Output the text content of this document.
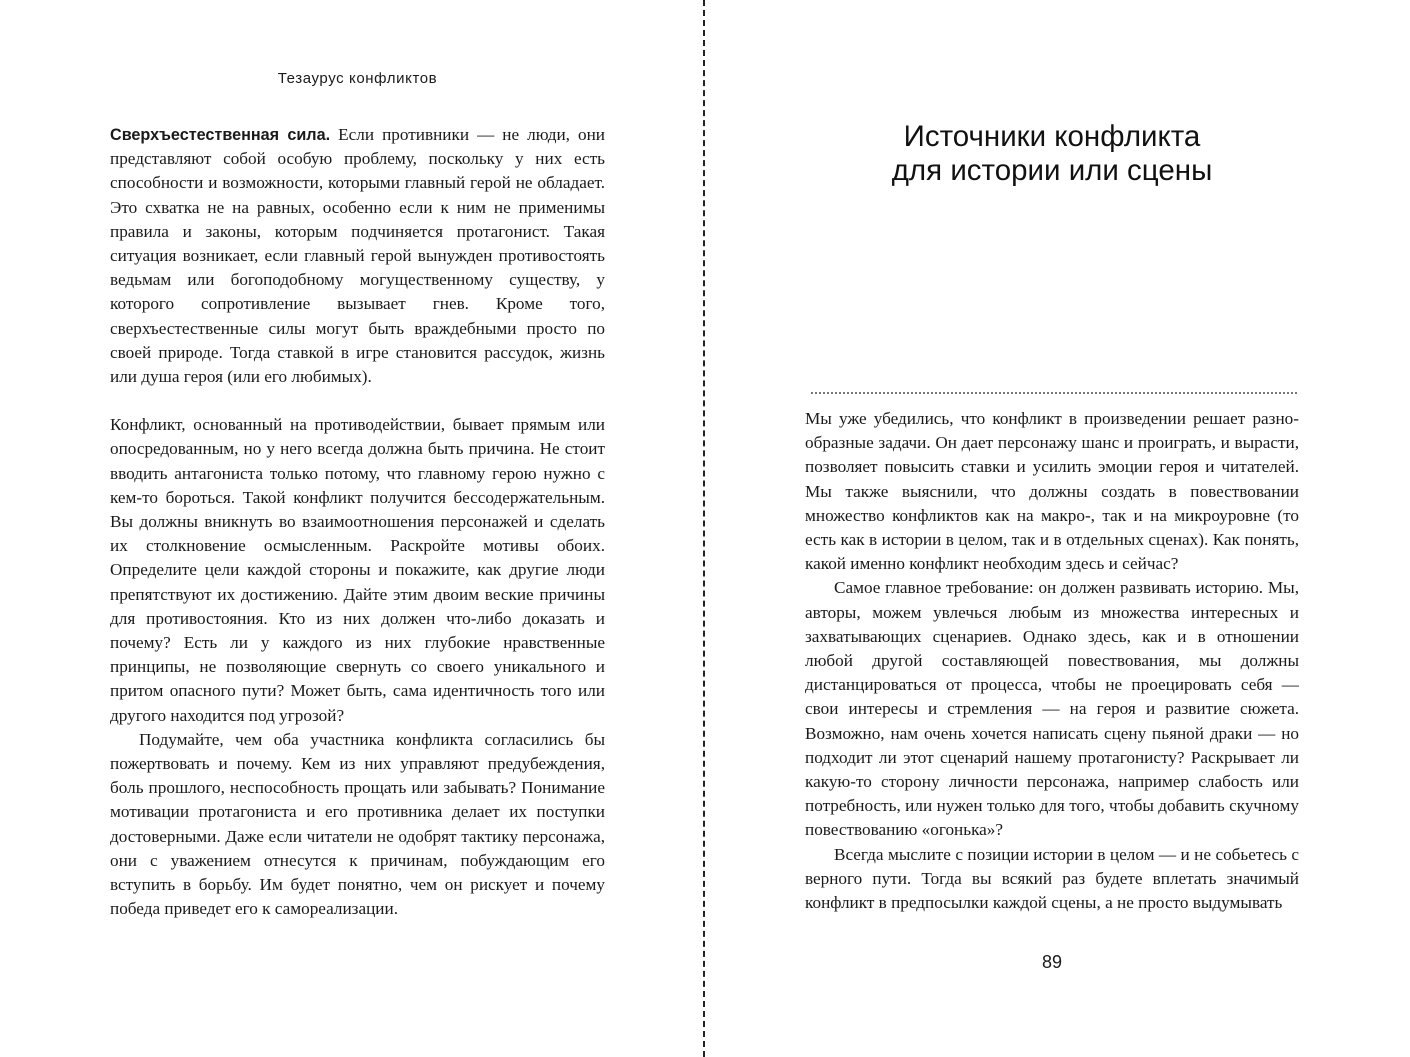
Тезаурус конфликтов

Сверхъестественная сила. Если противники — не люди, они представляют собой особую проблему, поскольку у них есть способности и возможности, которыми главный герой не обладает. Это схватка не на равных, особенно если к ним не применимы правила и законы, которым подчиняется протагонист. Такая ситуация возникает, если главный герой вынужден противостоять ведьмам или богоподобному могущественному существу, у которого сопротивление вызывает гнев. Кроме того, сверхъестественные силы могут быть враждебными просто по своей природе. Тогда ставкой в игре становится рассудок, жизнь или душа героя (или его любимых).

Конфликт, основанный на противодействии, бывает прямым или опосредованным, но у него всегда должна быть причина. Не стоит вводить антагониста только потому, что главному герою нужно с кем-то бороться. Такой конфликт получится бессодержательным. Вы должны вникнуть во взаимоотношения персонажей и сделать их столкновение осмысленным. Раскройте мотивы обоих. Определите цели каждой стороны и покажите, как другие люди препятствуют их достижению. Дайте этим двоим веские причины для противостояния. Кто из них должен что-либо доказать и почему? Есть ли у каждого из них глубокие нравственные принципы, не позволяющие свернуть со своего уникального и притом опасного пути? Может быть, сама идентичность того или другого находится под угрозой?

Подумайте, чем оба участника конфликта согласились бы пожертвовать и почему. Кем из них управляют предубеждения, боль прошлого, неспособность прощать или забывать? Понимание мотивации протагониста и его противника делает их поступки достоверными. Даже если читатели не одобрят тактику персонажа, они с уважением отнесутся к причинам, побуждающим его вступить в борьбу. Им будет понятно, чем он рискует и почему победа приведет его к самореализации.

Источники конфликта
для истории или сцены

Мы уже убедились, что конфликт в произведении решает разнообразные задачи. Он дает персонажу шанс и проиграть, и вырасти, позволяет повысить ставки и усилить эмоции героя и читателей. Мы также выяснили, что должны создать в повествовании множество конфликтов как на макро-, так и на микроуровне (то есть как в истории в целом, так и в отдельных сценах). Как понять, какой именно конфликт необходим здесь и сейчас?

Самое главное требование: он должен развивать историю. Мы, авторы, можем увлечься любым из множества интересных и захватывающих сценариев. Однако здесь, как и в отношении любой другой составляющей повествования, мы должны дистанцироваться от процесса, чтобы не проецировать себя — свои интересы и стремления — на героя и развитие сюжета. Возможно, нам очень хочется написать сцену пьяной драки — но подходит ли этот сценарий нашему протагонисту? Раскрывает ли какую-то сторону личности персонажа, например слабость или потребность, или нужен только для того, чтобы добавить скучному повествованию «огонька»?

Всегда мыслите с позиции истории в целом — и не собьетесь с верного пути. Тогда вы всякий раз будете вплетать значимый конфликт в предпосылки каждой сцены, а не просто выдумывать

89
